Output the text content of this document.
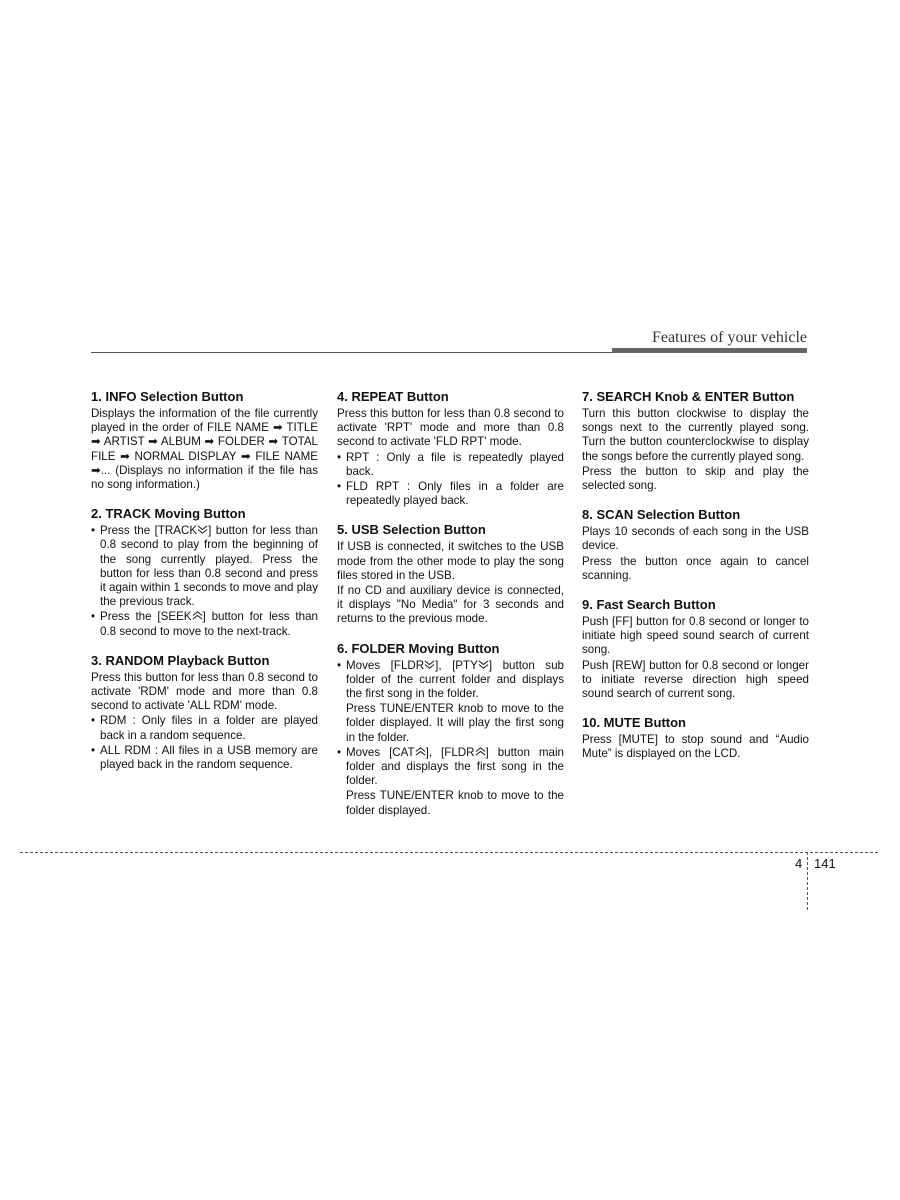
Features of your vehicle
1. INFO Selection Button

Displays the information of the file currently played in the order of FILE NAME ➡ TITLE ➡ ARTIST ➡ ALBUM ➡ FOLDER ➡ TOTAL FILE ➡ NORMAL DISPLAY ➡ FILE NAME ➡... (Displays no information if the file has no song information.)

2. TRACK Moving Button
• Press the [TRACK ] button for less than 0.8 second to play from the beginning of the song currently played. Press the button for less than 0.8 second and press it again within 1 seconds to move and play the previous track.
• Press the [SEEK ] button for less than 0.8 second to move to the next-track.
3. RANDOM Playback Button

Press this button for less than 0.8 second to activate 'RDM' mode and more than 0.8 second to activate 'ALL RDM' mode.

• RDM : Only files in a folder are played back in a random sequence.
• ALL RDM : All files in a USB memory are played back in the random sequence.
4. REPEAT Button

Press this button for less than 0.8 second to activate 'RPT' mode and more than 0.8 second to activate 'FLD RPT' mode.

• RPT : Only a file is repeatedly played back.
• FLD RPT : Only files in a folder are repeatedly played back.
5. USB Selection Button

If USB is connected, it switches to the USB mode from the other mode to play the song files stored in the USB.

If no CD and auxiliary device is connected, it displays "No Media" for 3 seconds and returns to the previous mode.

6. FOLDER Moving Button
• Moves [FLDR ], [PTY ] button sub folder of the current folder and displays the first song in the folder.

Press TUNE/ENTER knob to move to the folder displayed. It will play the first song in the folder.

• Moves [CAT ], [FLDR ] button main folder and displays the first song in the folder.

Press TUNE/ENTER knob to move to the folder displayed.

7. SEARCH Knob & ENTER Button

Turn this button clockwise to display the songs next to the currently played song. Turn the button counterclockwise to display the songs before the currently played song.

Press the button to skip and play the selected song.

8. SCAN Selection Button

Plays 10 seconds of each song in the USB device.

Press the button once again to cancel scanning.

9. Fast Search Button

Push [FF] button for 0.8 second or longer to initiate high speed sound search of current song.

Push [REW] button for 0.8 second or longer to initiate reverse direction high speed sound search of current song.

10. MUTE Button

Press [MUTE] to stop sound and “Audio Mute” is displayed on the LCD.

4 141
